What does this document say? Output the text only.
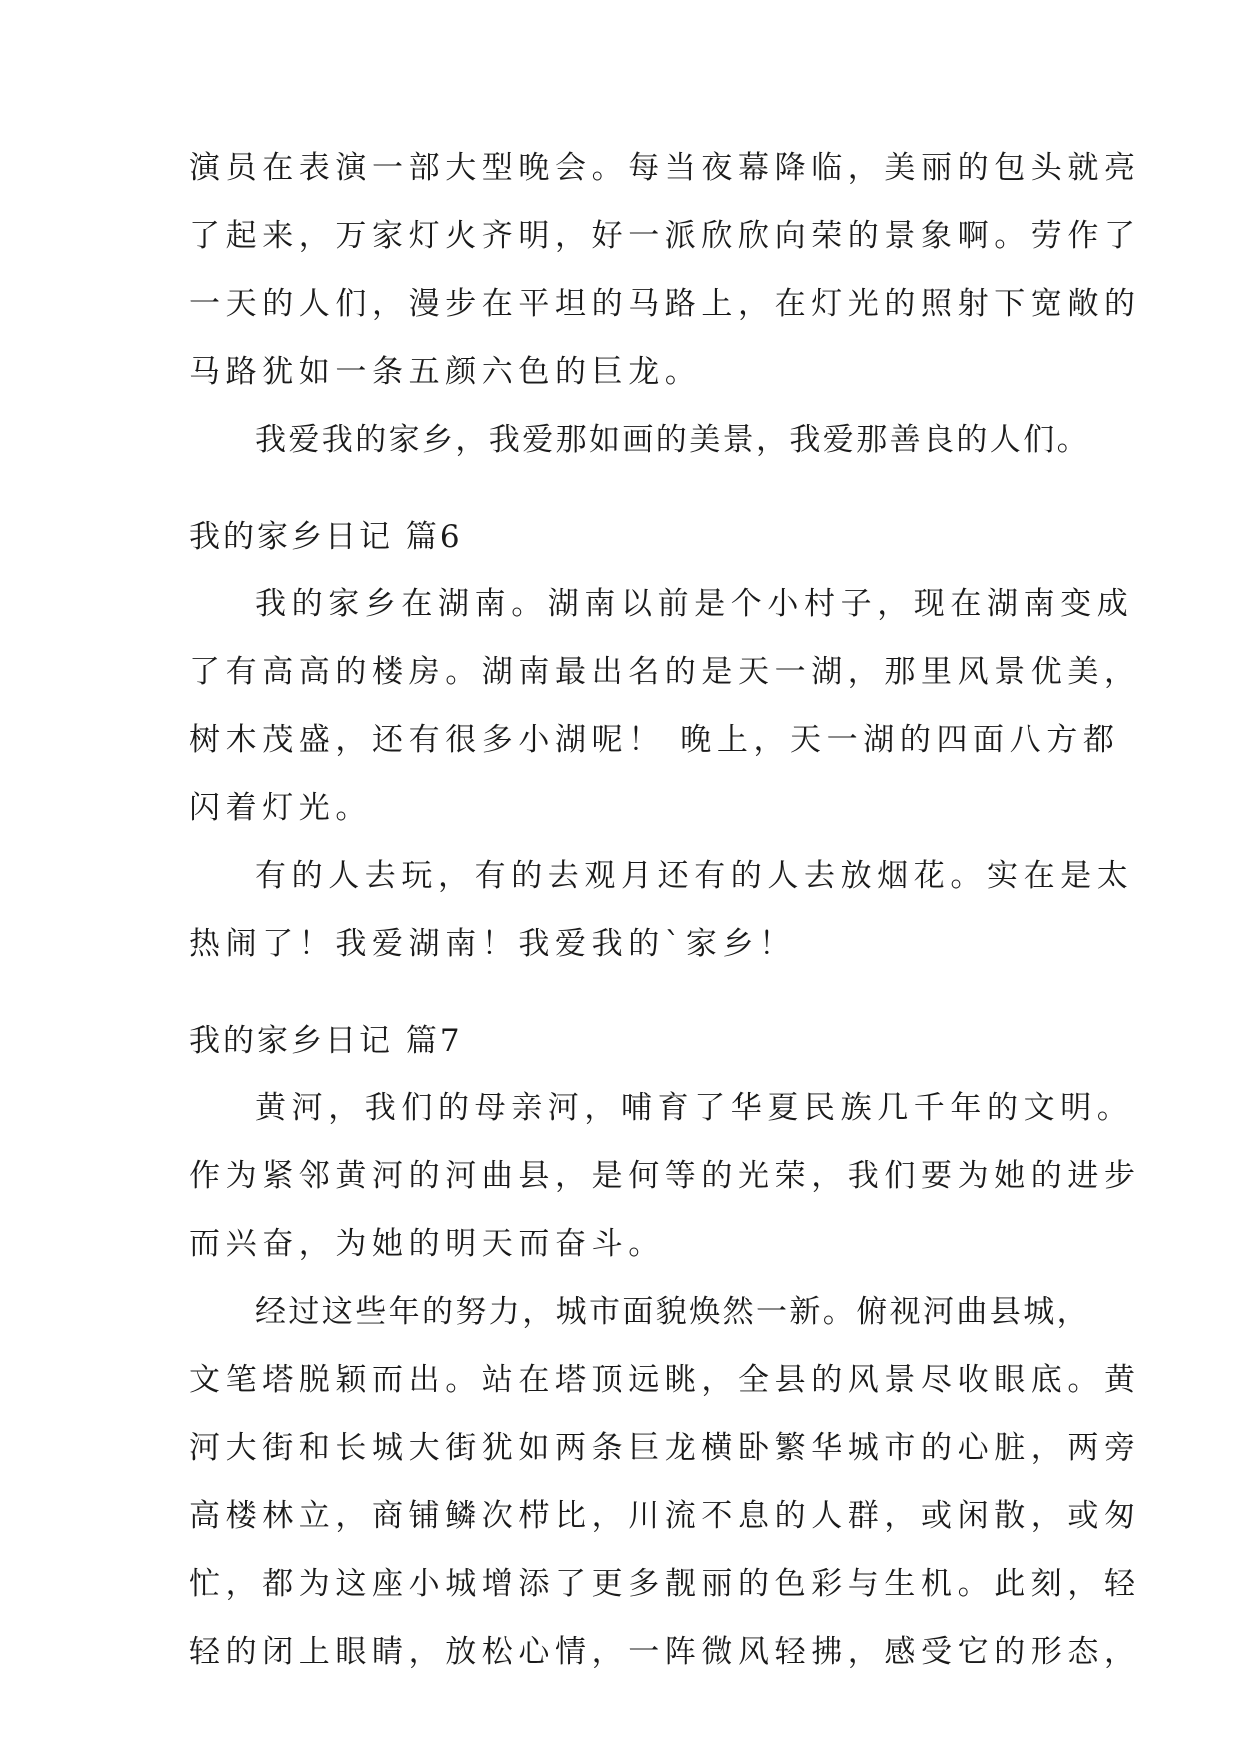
演员在表演一部大型晚会。每当夜幕降临，美丽的包头就亮

了起来，万家灯火齐明，好一派欣欣向荣的景象啊。劳作了

一天的人们，漫步在平坦的马路上，在灯光的照射下宽敞的

马路犹如一条五颜六色的巨龙。

我爱我的家乡，我爱那如画的美景，我爱那善良的人们。

我的家乡日记 篇6

我的家乡在湖南。湖南以前是个小村子，现在湖南变成

了有高高的楼房。湖南最出名的是天一湖，那里风景优美，

树木茂盛，还有很多小湖呢！ 晚上，天一湖的四面八方都

闪着灯光。

有的人去玩，有的去观月还有的人去放烟花。实在是太

热闹了！我爱湖南！我爱我的`家乡！

我的家乡日记 篇7

黄河，我们的母亲河，哺育了华夏民族几千年的文明。

作为紧邻黄河的河曲县，是何等的光荣，我们要为她的进步

而兴奋，为她的明天而奋斗。

经过这些年的努力，城市面貌焕然一新。俯视河曲县城，

文笔塔脱颖而出。站在塔顶远眺，全县的风景尽收眼底。黄

河大街和长城大街犹如两条巨龙横卧繁华城市的心脏，两旁

高楼林立，商铺鳞次栉比，川流不息的人群，或闲散，或匆

忙，都为这座小城增添了更多靓丽的色彩与生机。此刻，轻

轻的闭上眼睛，放松心情，一阵微风轻拂，感受它的形态，
